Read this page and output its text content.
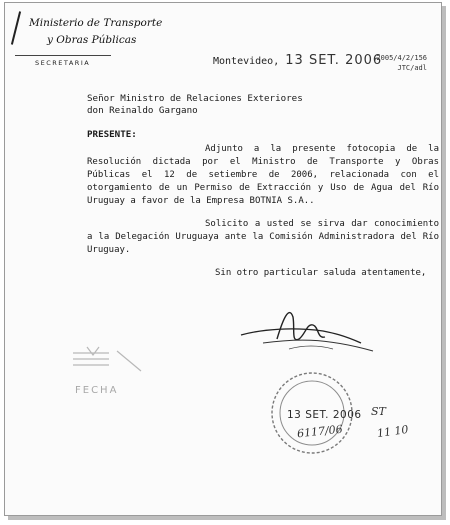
Ministerio de Transporte
y Obras Públicas
SECRETARIA	Montevideo, 13 SET. 2006
2005/4/2/156
JTC/adl
Señor Ministro de Relaciones Exteriores
don Reinaldo Gargano
PRESENTE:

Adjunto a la presente fotocopia de la Resolución dictada por el Ministro de Transporte y Obras Públicas el 12 de setiembre de 2006, relacionada con el otorgamiento de un Permiso de Extracción y Uso de Agua del Río Uruguay a favor de la Empresa BOTNIA S.A..

Solicito a usted se sirva dar conocimiento a la Delegación Uruguaya ante la Comisión Administradora del Río Uruguay.

Sin otro particular saluda atentamente,

FECHA
13 SET. 2006
6117/06
ST
11 10
